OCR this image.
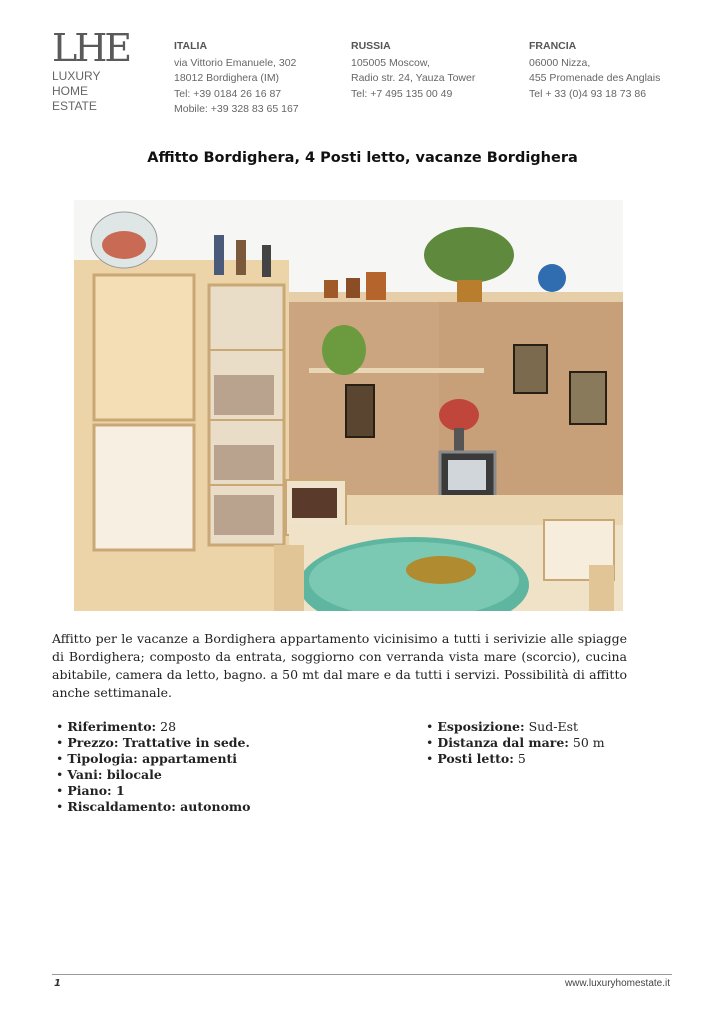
LHE
LUXURY
HOME
ESTATE
ITALIA
via Vittorio Emanuele, 302
18012 Bordighera (IM)
Tel: +39 0184 26 16 87
Mobile: +39 328 83 65 167
RUSSIA
105005 Moscow,
Radio str. 24, Yauza Tower
Tel: +7 495 135 00 49
FRANCIA
06000 Nizza,
455 Promenade des Anglais
Tel + 33 (0)4 93 18 73 86
Affitto Bordighera, 4 Posti letto, vacanze Bordighera
Affitto per le vacanze a Bordighera appartamento vicinisimo a tutti i serivizie alle spiagge di Bordighera; composto da entrata, soggiorno con verranda vista mare (scorcio), cucina abitabile, camera da letto, bagno. a 50 mt dal mare e da tutti i servizi. Possibilità di affitto anche settimanale.
• Riferimento: 28
• Prezzo: Trattative in sede.
• Tipologia: appartamenti
• Vani: bilocale
• Piano: 1
• Riscaldamento: autonomo
• Esposizione: Sud-Est
• Distanza dal mare: 50 m
• Posti letto: 5
1	www.luxuryhomestate.it
